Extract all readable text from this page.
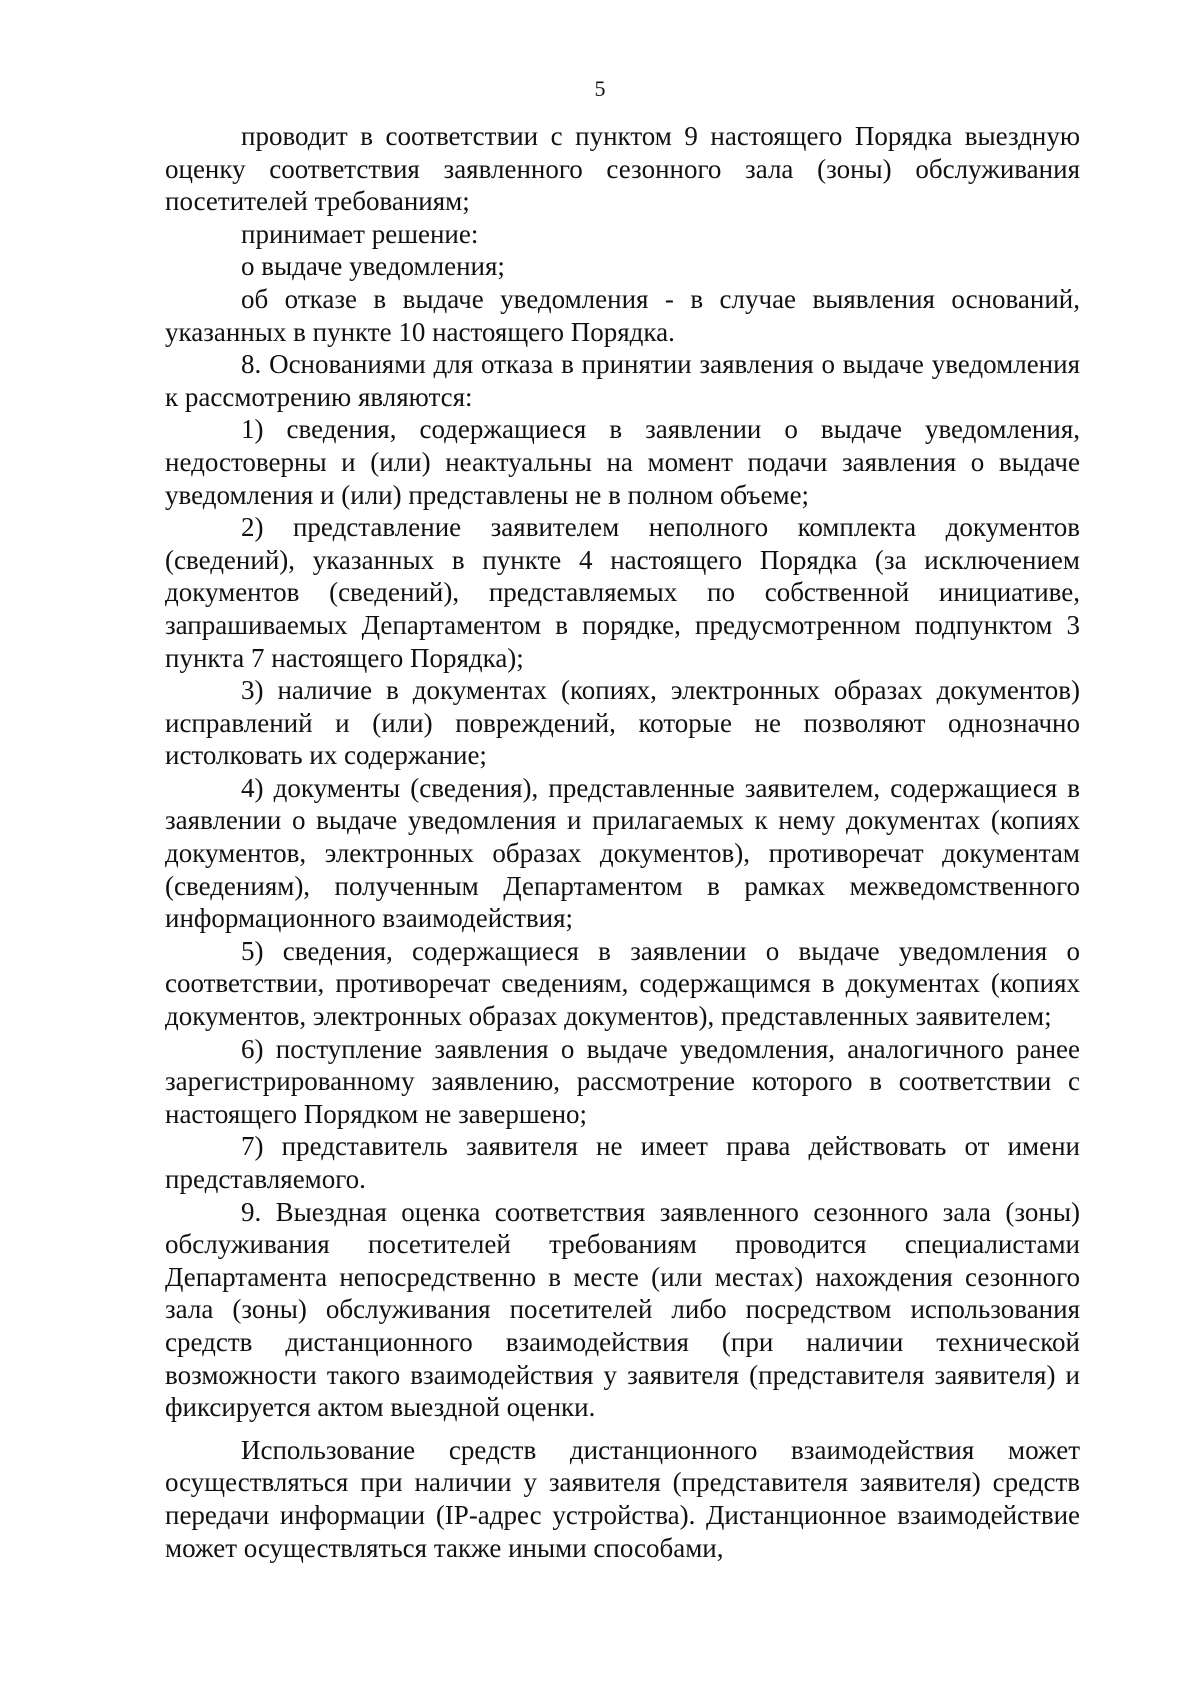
5

проводит в соответствии с пунктом 9 настоящего Порядка выездную оценку соответствия заявленного сезонного зала (зоны) обслуживания посетителей требованиям;

принимает решение:

о выдаче уведомления;

об отказе в выдаче уведомления - в случае выявления оснований, указанных в пункте 10 настоящего Порядка.

8. Основаниями для отказа в принятии заявления о выдаче уведомления к рассмотрению являются:

1) сведения, содержащиеся в заявлении о выдаче уведомления, недостоверны и (или) неактуальны на момент подачи заявления о выдаче уведомления и (или) представлены не в полном объеме;

2) представление заявителем неполного комплекта документов (сведений), указанных в пункте 4 настоящего Порядка (за исключением документов (сведений), представляемых по собственной инициативе, запрашиваемых Департаментом в порядке, предусмотренном подпунктом 3 пункта 7 настоящего Порядка);

3) наличие в документах (копиях, электронных образах документов) исправлений и (или) повреждений, которые не позволяют однозначно истолковать их содержание;

4) документы (сведения), представленные заявителем, содержащиеся в заявлении о выдаче уведомления и прилагаемых к нему документах (копиях документов, электронных образах документов), противоречат документам (сведениям), полученным Департаментом в рамках межведомственного информационного взаимодействия;

5) сведения, содержащиеся в заявлении о выдаче уведомления о соответствии, противоречат сведениям, содержащимся в документах (копиях документов, электронных образах документов), представленных заявителем;

6) поступление заявления о выдаче уведомления, аналогичного ранее зарегистрированному заявлению, рассмотрение которого в соответствии с настоящего Порядком не завершено;

7) представитель заявителя не имеет права действовать от имени представляемого.

9. Выездная оценка соответствия заявленного сезонного зала (зоны) обслуживания посетителей требованиям проводится специалистами Департамента непосредственно в месте (или местах) нахождения сезонного зала (зоны) обслуживания посетителей либо посредством использования средств дистанционного взаимодействия (при наличии технической возможности такого взаимодействия у заявителя (представителя заявителя) и фиксируется актом выездной оценки.

Использование средств дистанционного взаимодействия может осуществляться при наличии у заявителя (представителя заявителя) средств передачи информации (IP-адрес устройства). Дистанционное взаимодействие может осуществляться также иными способами,
